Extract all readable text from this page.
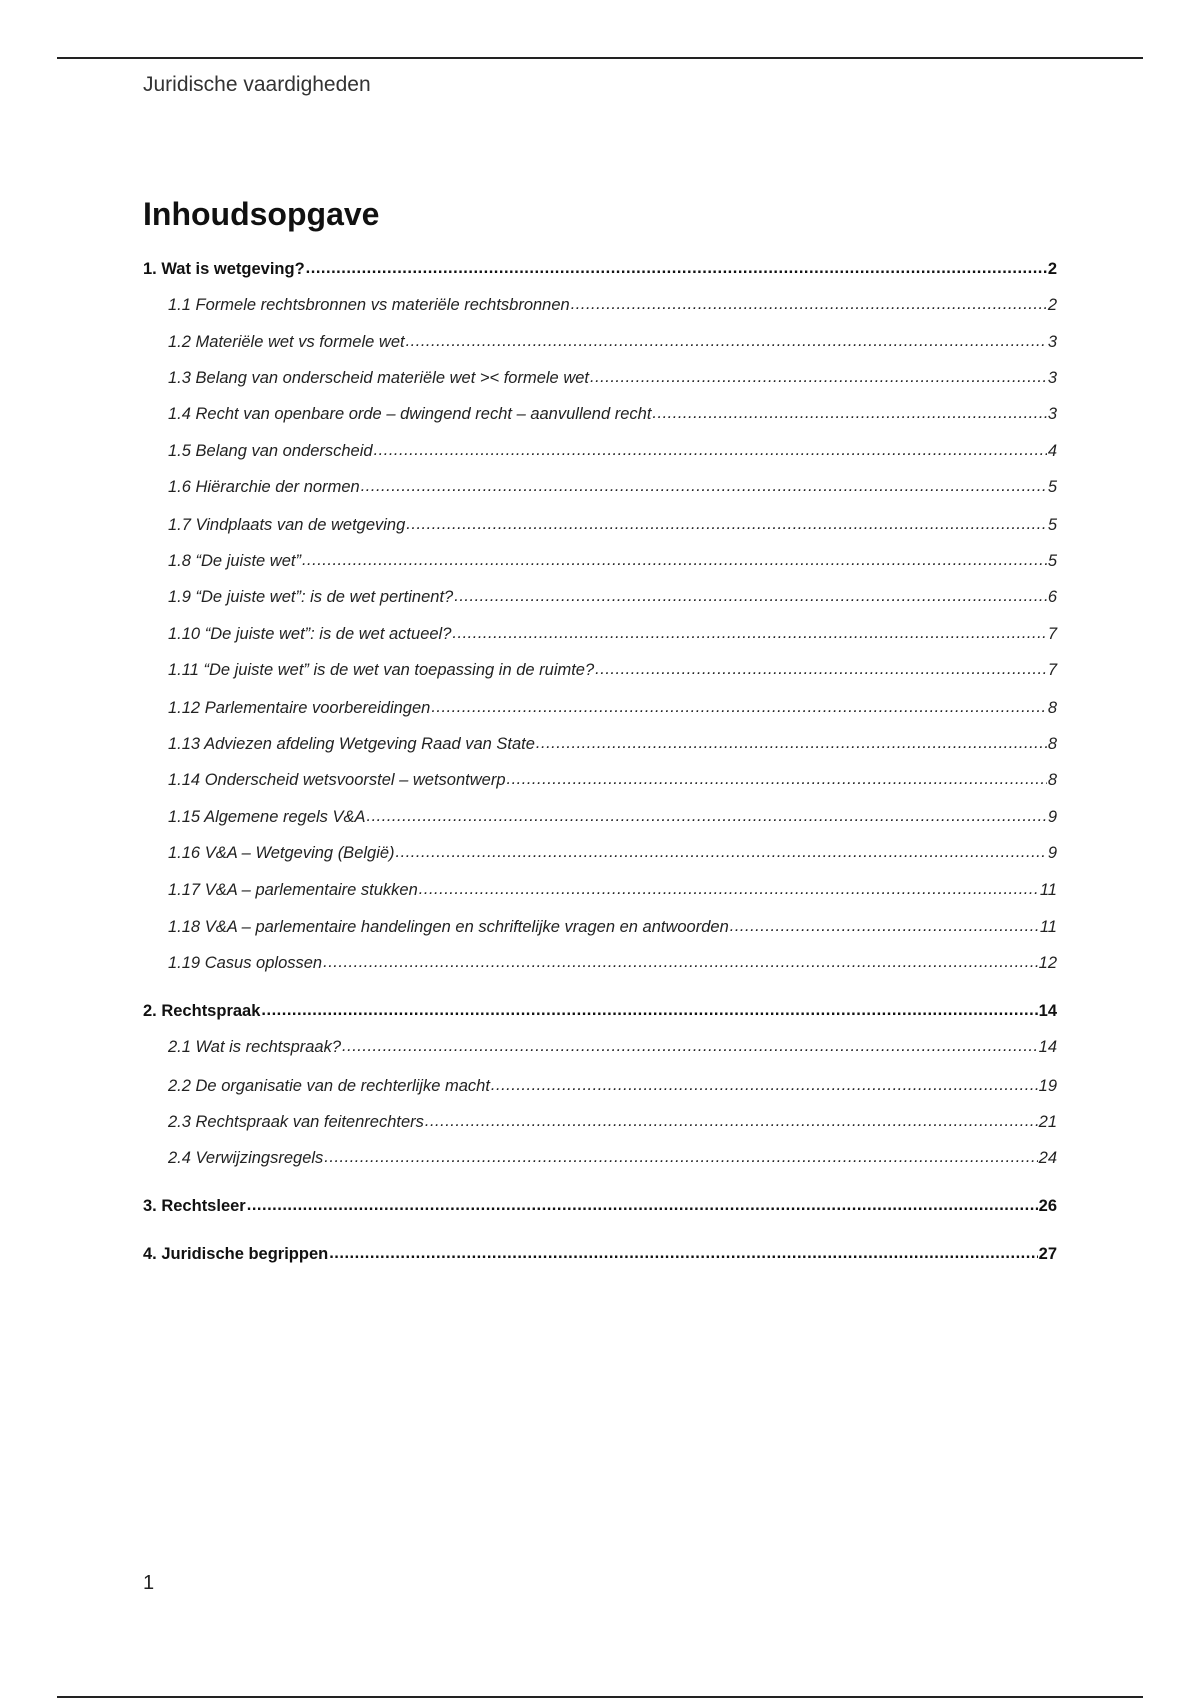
Juridische vaardigheden
Inhoudsopgave
1. Wat is wetgeving? .....	2
1.1 Formele rechtsbronnen vs materiële rechtsbronnen .....	2
1.2 Materiële wet vs formele wet .....	3
1.3 Belang van onderscheid materiële wet >< formele wet .....	3
1.4 Recht van openbare orde – dwingend recht – aanvullend recht .....	3
1.5 Belang van onderscheid .....	4
1.6 Hiërarchie der normen .....	5
1.7 Vindplaats van de wetgeving .....	5
1.8 “De juiste wet” .....	5
1.9 “De juiste wet”: is de wet pertinent? .....	6
1.10 “De juiste wet”: is de wet actueel? .....	7
1.11 “De juiste wet” is de wet van toepassing in de ruimte? .....	7
1.12 Parlementaire voorbereidingen .....	8
1.13 Adviezen afdeling Wetgeving Raad van State .....	8
1.14 Onderscheid wetsvoorstel – wetsontwerp .....	8
1.15 Algemene regels V&A .....	9
1.16 V&A – Wetgeving (België) .....	9
1.17 V&A – parlementaire stukken .....	11
1.18 V&A – parlementaire handelingen en schriftelijke vragen en antwoorden .....	11
1.19 Casus oplossen .....	12
2. Rechtspraak .....	14
2.1 Wat is rechtspraak? .....	14
2.2 De organisatie van de rechterlijke macht .....	19
2.3 Rechtspraak van feitenrechters .....	21
2.4 Verwijzingsregels .....	24
3. Rechtsleer .....	26
4. Juridische begrippen .....	27
1
